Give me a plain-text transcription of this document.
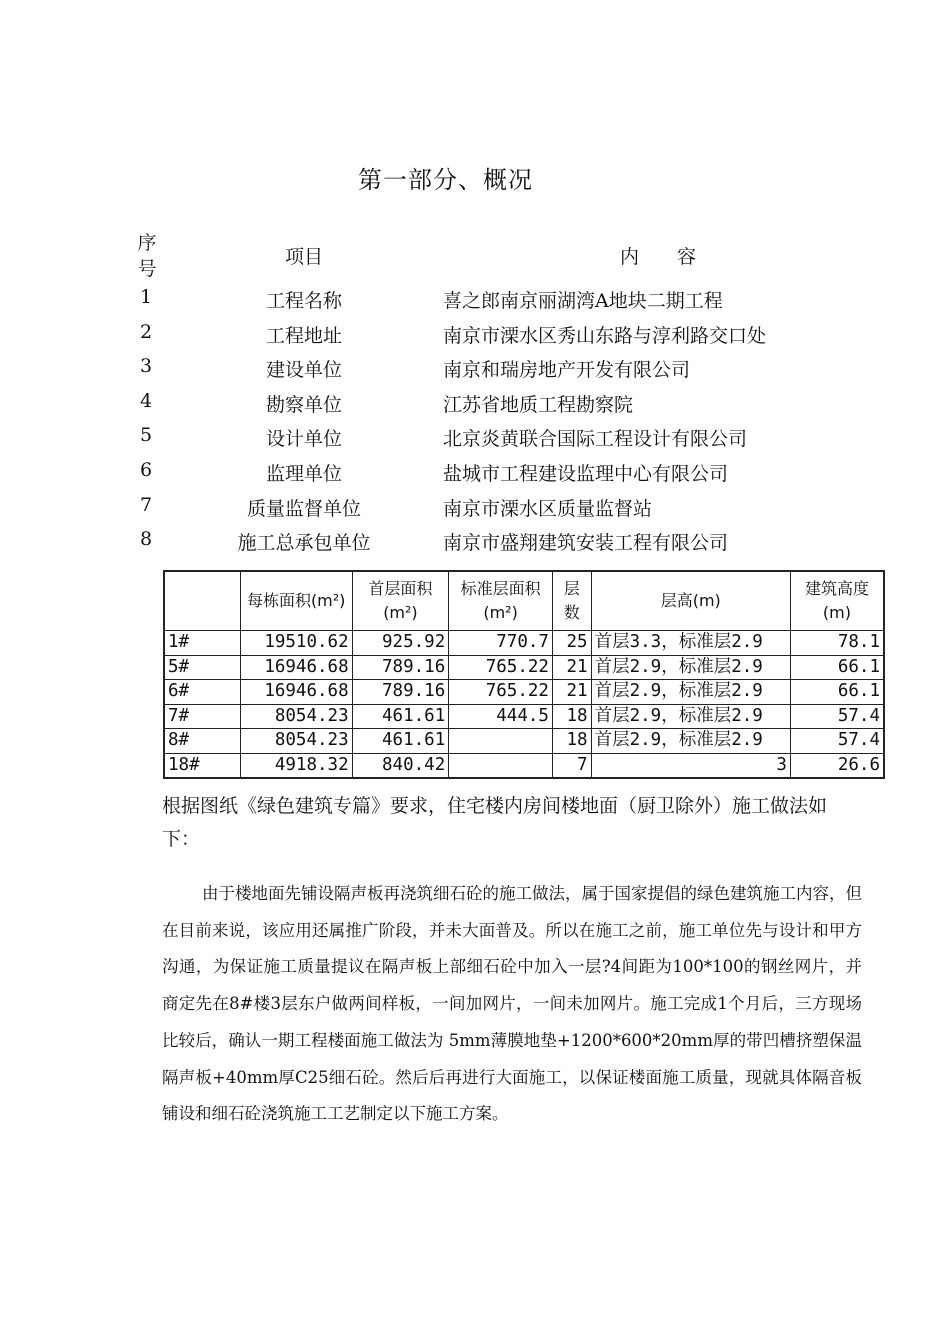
第一部分、概况
序
号
项目	内　　容
1	工程名称	喜之郎南京丽湖湾A地块二期工程
2	工程地址	南京市溧水区秀山东路与淳利路交口处
3	建设单位	南京和瑞房地产开发有限公司
4	勘察单位	江苏省地质工程勘察院
5	设计单位	北京炎黄联合国际工程设计有限公司
6	监理单位	盐城市工程建设监理中心有限公司
7	质量监督单位	南京市溧水区质量监督站
8	施工总承包单位	南京市盛翔建筑安装工程有限公司
	每栋面积(m²)	首层面积(m²)	标准层面积(m²)	层数	层高(m)	建筑高度(m)
1#	19510.62	925.92	770.7	25	首层3.3，标准层2.9	78.1
5#	16946.68	789.16	765.22	21	首层2.9，标准层2.9	66.1
6#	16946.68	789.16	765.22	21	首层2.9，标准层2.9	66.1
7#	8054.23	461.61	444.5	18	首层2.9，标准层2.9	57.4
8#	8054.23	461.61		18	首层2.9，标准层2.9	57.4
18#	4918.32	840.42		7	3	26.6
根据图纸《绿色建筑专篇》要求，住宅楼内房间楼地面（厨卫除外）施工做法如下：
由于楼地面先铺设隔声板再浇筑细石砼的施工做法，属于国家提倡的绿色建筑施工内容，但在目前来说，该应用还属推广阶段，并未大面普及。所以在施工之前，施工单位先与设计和甲方沟通，为保证施工质量提议在隔声板上部细石砼中加入一层?4间距为100*100的钢丝网片，并商定先在8#楼3层东户做两间样板，一间加网片，一间未加网片。施工完成1个月后，三方现场比较后，确认一期工程楼面施工做法为 5mm薄膜地垫+1200*600*20mm厚的带凹槽挤塑保温隔声板+40mm厚C25细石砼。然后后再进行大面施工，以保证楼面施工质量，现就具体隔音板铺设和细石砼浇筑施工工艺制定以下施工方案。
